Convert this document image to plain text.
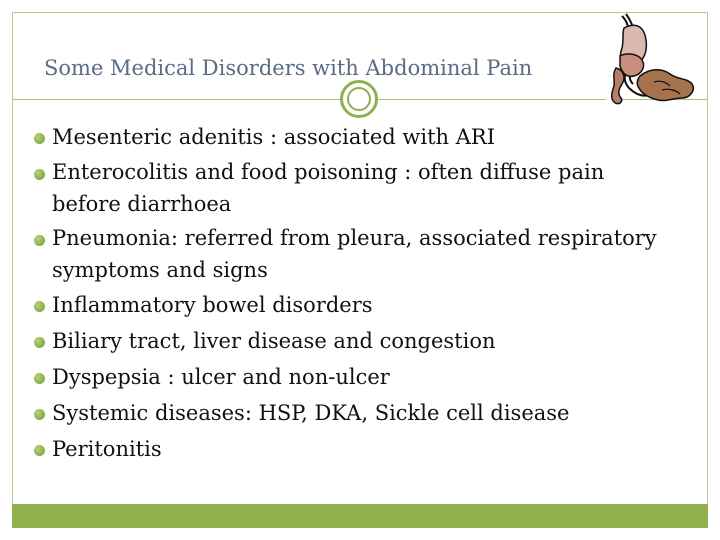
Some Medical Disorders with Abdominal Pain
Mesenteric adenitis : associated with ARI
Enterocolitis and food poisoning : often diffuse pain before diarrhoea
Pneumonia: referred from pleura, associated respiratory symptoms and signs
Inflammatory bowel disorders
Biliary tract, liver disease and congestion
Dyspepsia : ulcer and non-ulcer
Systemic diseases: HSP, DKA, Sickle cell disease
Peritonitis
